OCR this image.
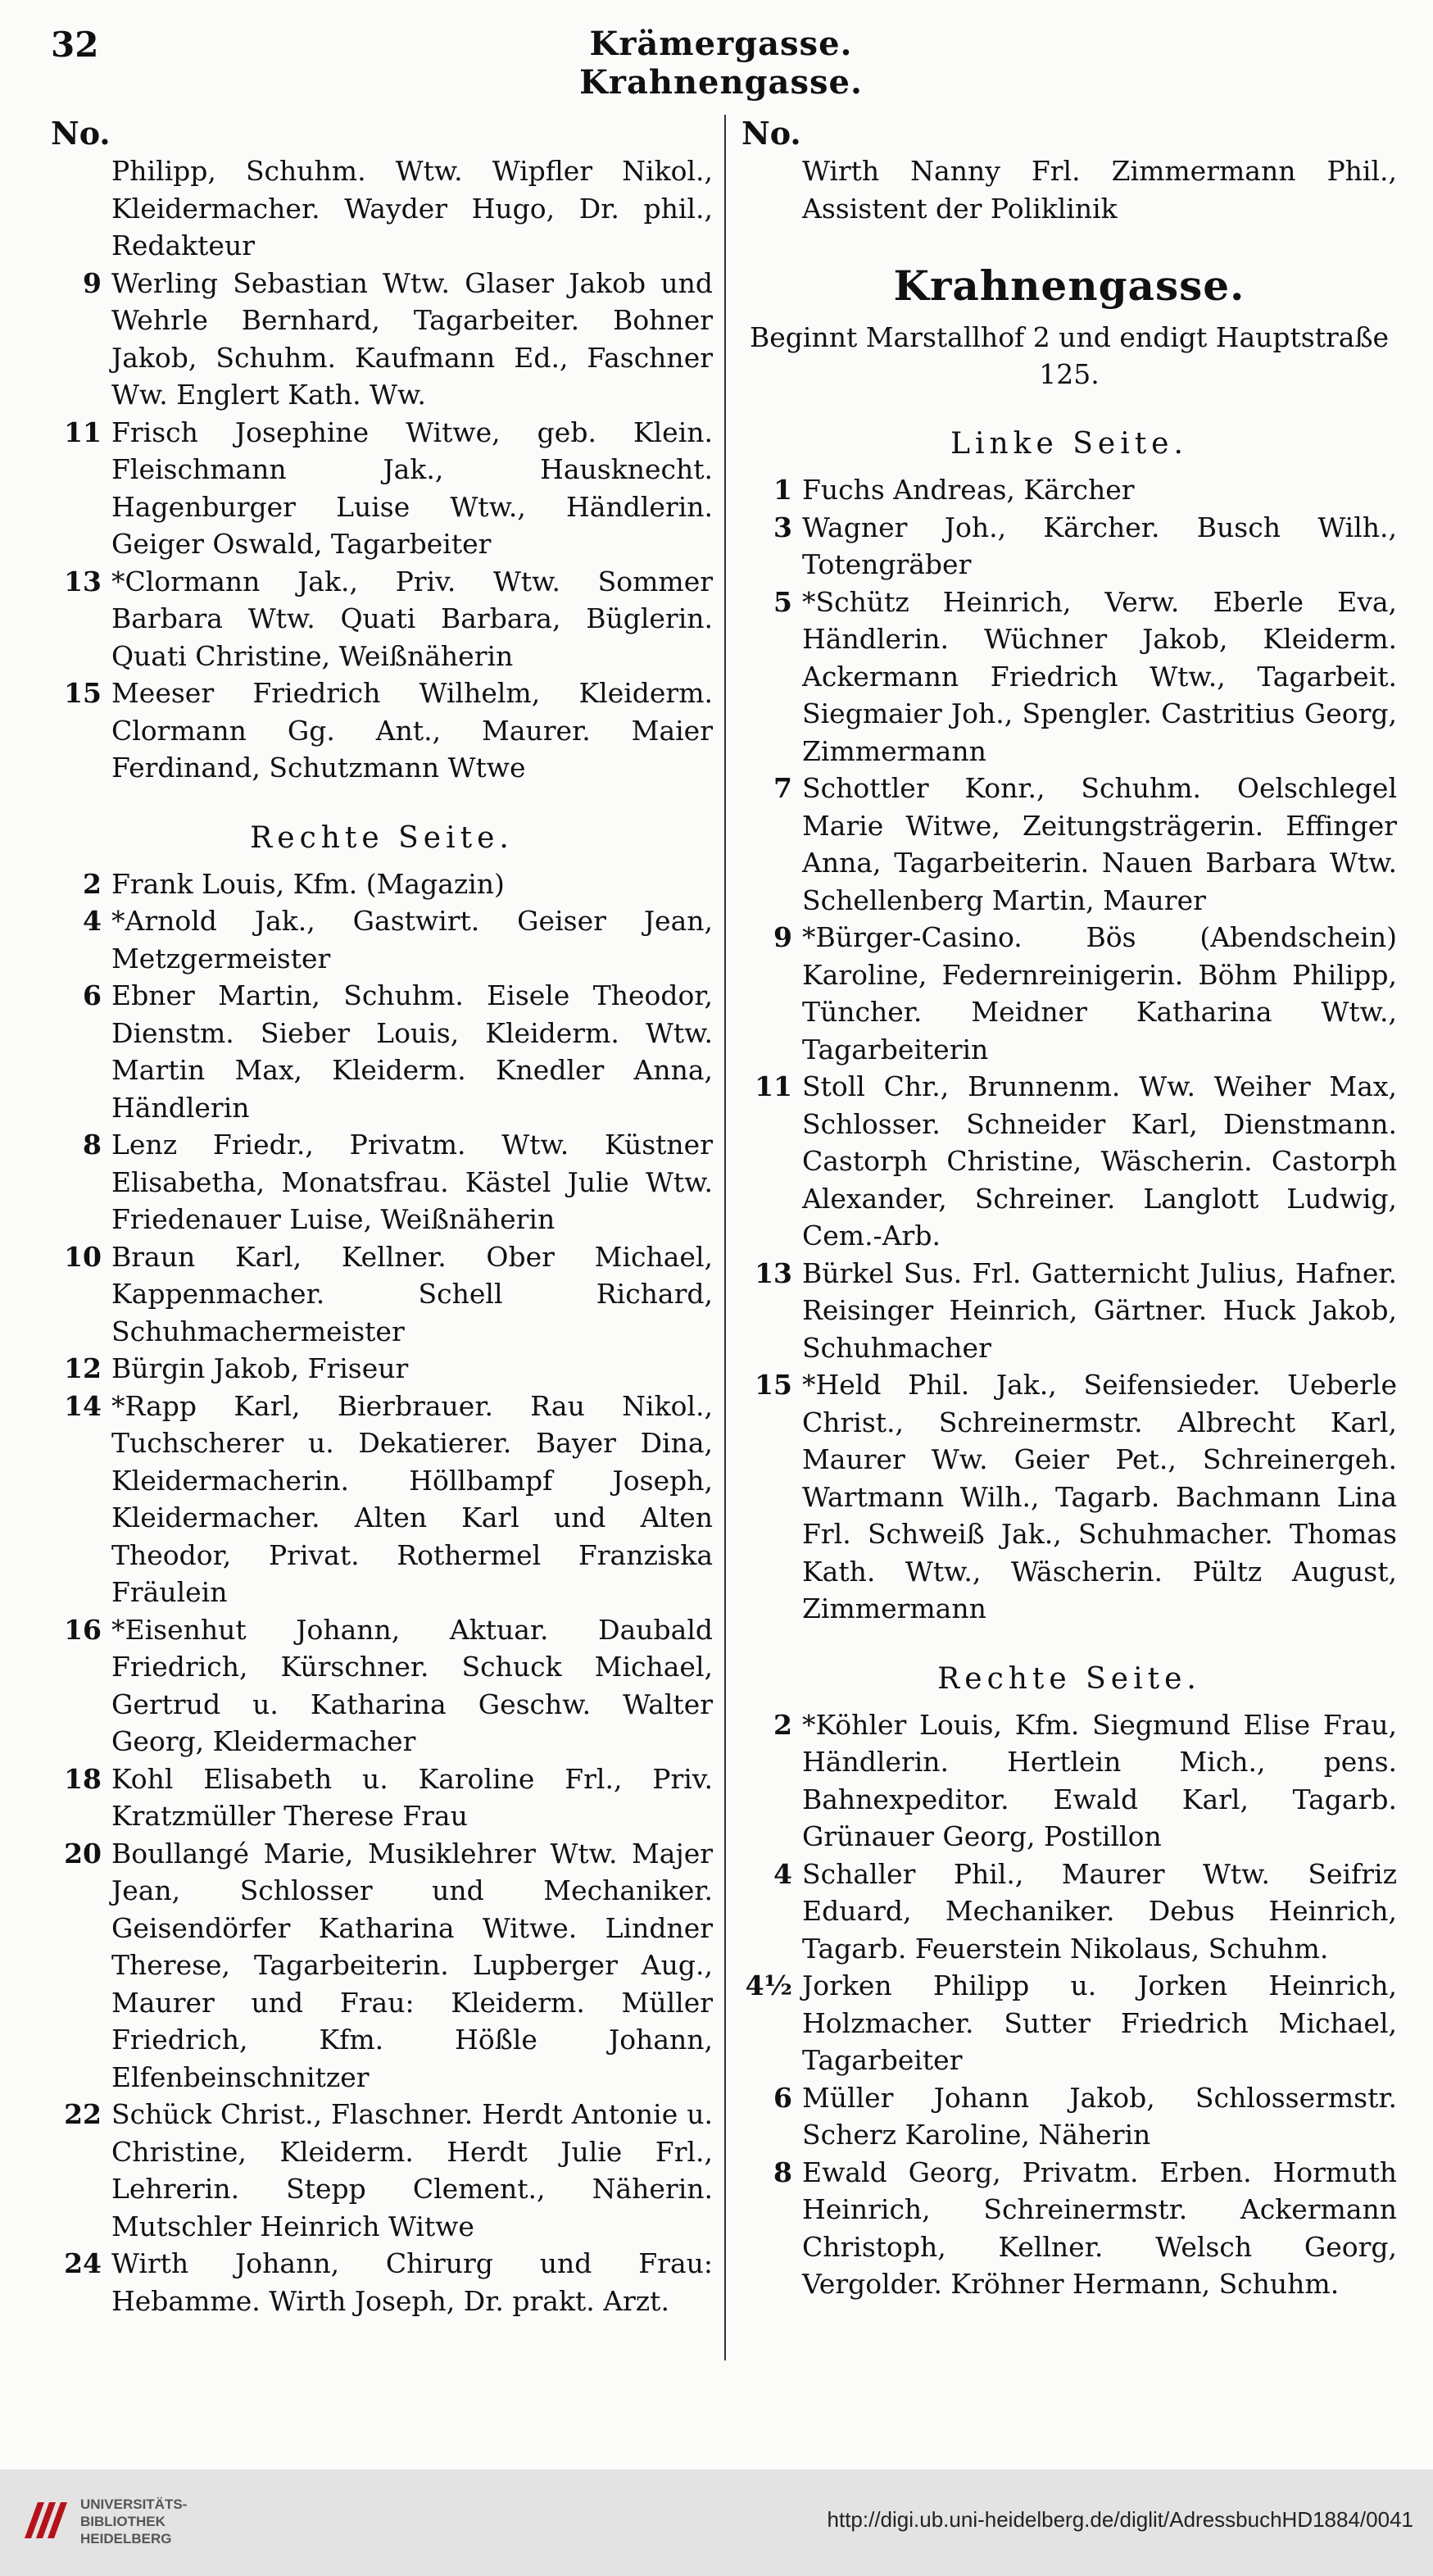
32	Krämergasse. Krahnengasse.
No.
Philipp, Schuhm. Wtw. Wipfler Nikol., Kleidermacher. Wayder Hugo, Dr. phil., Redakteur
9 Werling Sebastian Wtw. Glaser Jakob und Wehrle Bernhard, Tagarbeiter. Bohner Jakob, Schuhm. Kaufmann Ed., Faschner Ww. Englert Kath. Ww.
11 Frisch Josephine Witwe, geb. Klein. Fleischmann Jak., Hausknecht. Hagenburger Luise Wtw., Händlerin. Geiger Oswald, Tagarbeiter
13 *Clormann Jak., Priv. Wtw. Sommer Barbara Wtw. Quati Barbara, Büglerin. Quati Christine, Weißnäherin
15 Meeser Friedrich Wilhelm, Kleiderm. Clormann Gg. Ant., Maurer. Maier Ferdinand, Schutzmann Wtwe
Rechte Seite.
2 Frank Louis, Kfm. (Magazin)
4 *Arnold Jak., Gastwirt. Geiser Jean, Metzgermeister
6 Ebner Martin, Schuhm. Eisele Theodor, Dienstm. Sieber Louis, Kleiderm. Wtw. Martin Max, Kleiderm. Knedler Anna, Händlerin
8 Lenz Friedr., Privatm. Wtw. Küstner Elisabetha, Monatsfrau. Kästel Julie Wtw. Friedenauer Luise, Weißnäherin
10 Braun Karl, Kellner. Ober Michael, Kappenmacher. Schell Richard, Schuhmachermeister
12 Bürgin Jakob, Friseur
14 *Rapp Karl, Bierbrauer. Rau Nikol., Tuchscherer u. Dekatierer. Bayer Dina, Kleidermacherin. Höllbampf Joseph, Kleidermacher. Alten Karl und Alten Theodor, Privat. Rothermel Franziska Fräulein
16 *Eisenhut Johann, Aktuar. Daubald Friedrich, Kürschner. Schuck Michael, Gertrud u. Katharina Geschw. Walter Georg, Kleidermacher
18 Kohl Elisabeth u. Karoline Frl., Priv. Kratzmüller Therese Frau
20 Boullangé Marie, Musiklehrer Wtw. Majer Jean, Schlosser und Mechaniker. Geisendörfer Katharina Witwe. Lindner Therese, Tagarbeiterin. Lupberger Aug., Maurer und Frau: Kleiderm. Müller Friedrich, Kfm. Hößle Johann, Elfenbeinschnitzer
22 Schück Christ., Flaschner. Herdt Antonie u. Christine, Kleiderm. Herdt Julie Frl., Lehrerin. Stepp Clement., Näherin. Mutschler Heinrich Witwe
24 Wirth Johann, Chirurg und Frau: Hebamme. Wirth Joseph, Dr. prakt. Arzt.
No.
Wirth Nanny Frl. Zimmermann Phil., Assistent der Poliklinik
Krahnengasse.
Beginnt Marstallhof 2 und endigt Hauptstraße 125.
Linke Seite.
1 Fuchs Andreas, Kärcher
3 Wagner Joh., Kärcher. Busch Wilh., Totengräber
5 *Schütz Heinrich, Verw. Eberle Eva, Händlerin. Wüchner Jakob, Kleiderm. Ackermann Friedrich Wtw., Tagarbeit. Siegmaier Joh., Spengler. Castritius Georg, Zimmermann
7 Schottler Konr., Schuhm. Oelschlegel Marie Witwe, Zeitungsträgerin. Effinger Anna, Tagarbeiterin. Nauen Barbara Wtw. Schellenberg Martin, Maurer
9 *Bürger-Casino. Bös (Abendschein) Karoline, Federnreinigerin. Böhm Philipp, Tüncher. Meidner Katharina Wtw., Tagarbeiterin
11 Stoll Chr., Brunnenm. Ww. Weiher Max, Schlosser. Schneider Karl, Dienstmann. Castorph Christine, Wäscherin. Castorph Alexander, Schreiner. Langlott Ludwig, Cem.-Arb.
13 Bürkel Sus. Frl. Gatternicht Julius, Hafner. Reisinger Heinrich, Gärtner. Huck Jakob, Schuhmacher
15 *Held Phil. Jak., Seifensieder. Ueberle Christ., Schreinermstr. Albrecht Karl, Maurer Ww. Geier Pet., Schreinergeh. Wartmann Wilh., Tagarb. Bachmann Lina Frl. Schweiß Jak., Schuhmacher. Thomas Kath. Wtw., Wäscherin. Pültz August, Zimmermann
Rechte Seite.
2 *Köhler Louis, Kfm. Siegmund Elise Frau, Händlerin. Hertlein Mich., pens. Bahnexpeditor. Ewald Karl, Tagarb. Grünauer Georg, Postillon
4 Schaller Phil., Maurer Wtw. Seifriz Eduard, Mechaniker. Debus Heinrich, Tagarb. Feuerstein Nikolaus, Schuhm.
4½ Jorken Philipp u. Jorken Heinrich, Holzmacher. Sutter Friedrich Michael, Tagarbeiter
6 Müller Johann Jakob, Schlossermstr. Scherz Karoline, Näherin
8 Ewald Georg, Privatm. Erben. Hormuth Heinrich, Schreinermstr. Ackermann Christoph, Kellner. Welsch Georg, Vergolder. Kröhner Hermann, Schuhm.
UNIVERSITÄTS-
BIBLIOTHEK
HEIDELBERG
http://digi.ub.uni-heidelberg.de/diglit/AdressbuchHD1884/0041
